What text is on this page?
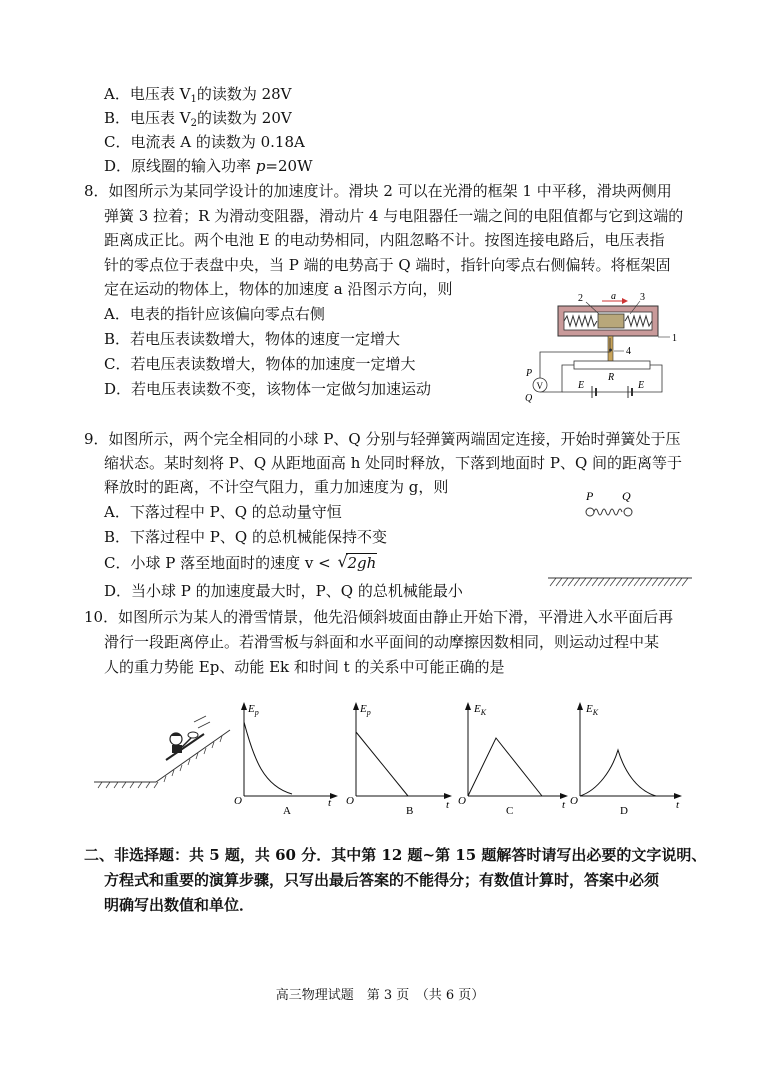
A．电压表 $V_1$的读数为 28V
B．电压表 $V_2$的读数为 20V
C．电流表 A 的读数为 0.18A
D．原线圈的输入功率 p=20W
8．如图所示为某同学设计的加速度计。滑块 2 可以在光滑的框架 1 中平移，滑块两侧用
弹簧 3 拉着；R 为滑动变阻器，滑动片 4 与电阻器任一端之间的电阻值都与它到这端的
距离成正比。两个电池 E 的电动势相同，内阻忽略不计。按图连接电路后，电压表指
针的零点位于表盘中央，当 P 端的电势高于 Q 端时，指针向零点右侧偏转。将框架固
定在运动的物体上，物体的加速度 a 沿图示方向，则
A．电表的指针应该偏向零点右侧
B．若电压表读数增大，物体的速度一定增大
C．若电压表读数增大，物体的加速度一定增大
D．若电压表读数不变，该物体一定做匀加速运动
a
2	3
1
4
R
E	E
V
P
Q
9．如图所示，两个完全相同的小球 P、Q 分别与轻弹簧两端固定连接，开始时弹簧处于压
缩状态。某时刻将 P、Q 从距地面高 h 处同时释放，下落到地面时 P、Q 间的距离等于
释放时的距离，不计空气阻力，重力加速度为 g，则
A．下落过程中 P、Q 的总动量守恒
B．下落过程中 P、Q 的总机械能保持不变
C．小球 P 落至地面时的速度 v < √ 2gh
D．当小球 P 的加速度最大时，P、Q 的总机械能最小
P Q
10．如图所示为某人的滑雪情景，他先沿倾斜坡面由静止开始下滑，平滑进入水平面后再
滑行一段距离停止。若滑雪板与斜面和水平面间的动摩擦因数相同，则运动过程中某
人的重力势能 Ep、动能 Ek 和时间 t 的关系中可能正确的是
$E_p$
O	t
A
$E_p$
O	t
B
$E_K$
O	t
C
$E_K$
O	t
D
二、非选择题：共 5 题，共 60 分．其中第 12 题~第 15 题解答时请写出必要的文字说明、
方程式和重要的演算步骤，只写出最后答案的不能得分；有数值计算时，答案中必须
明确写出数值和单位．
高三物理试题　第 3 页　（共 6 页）
